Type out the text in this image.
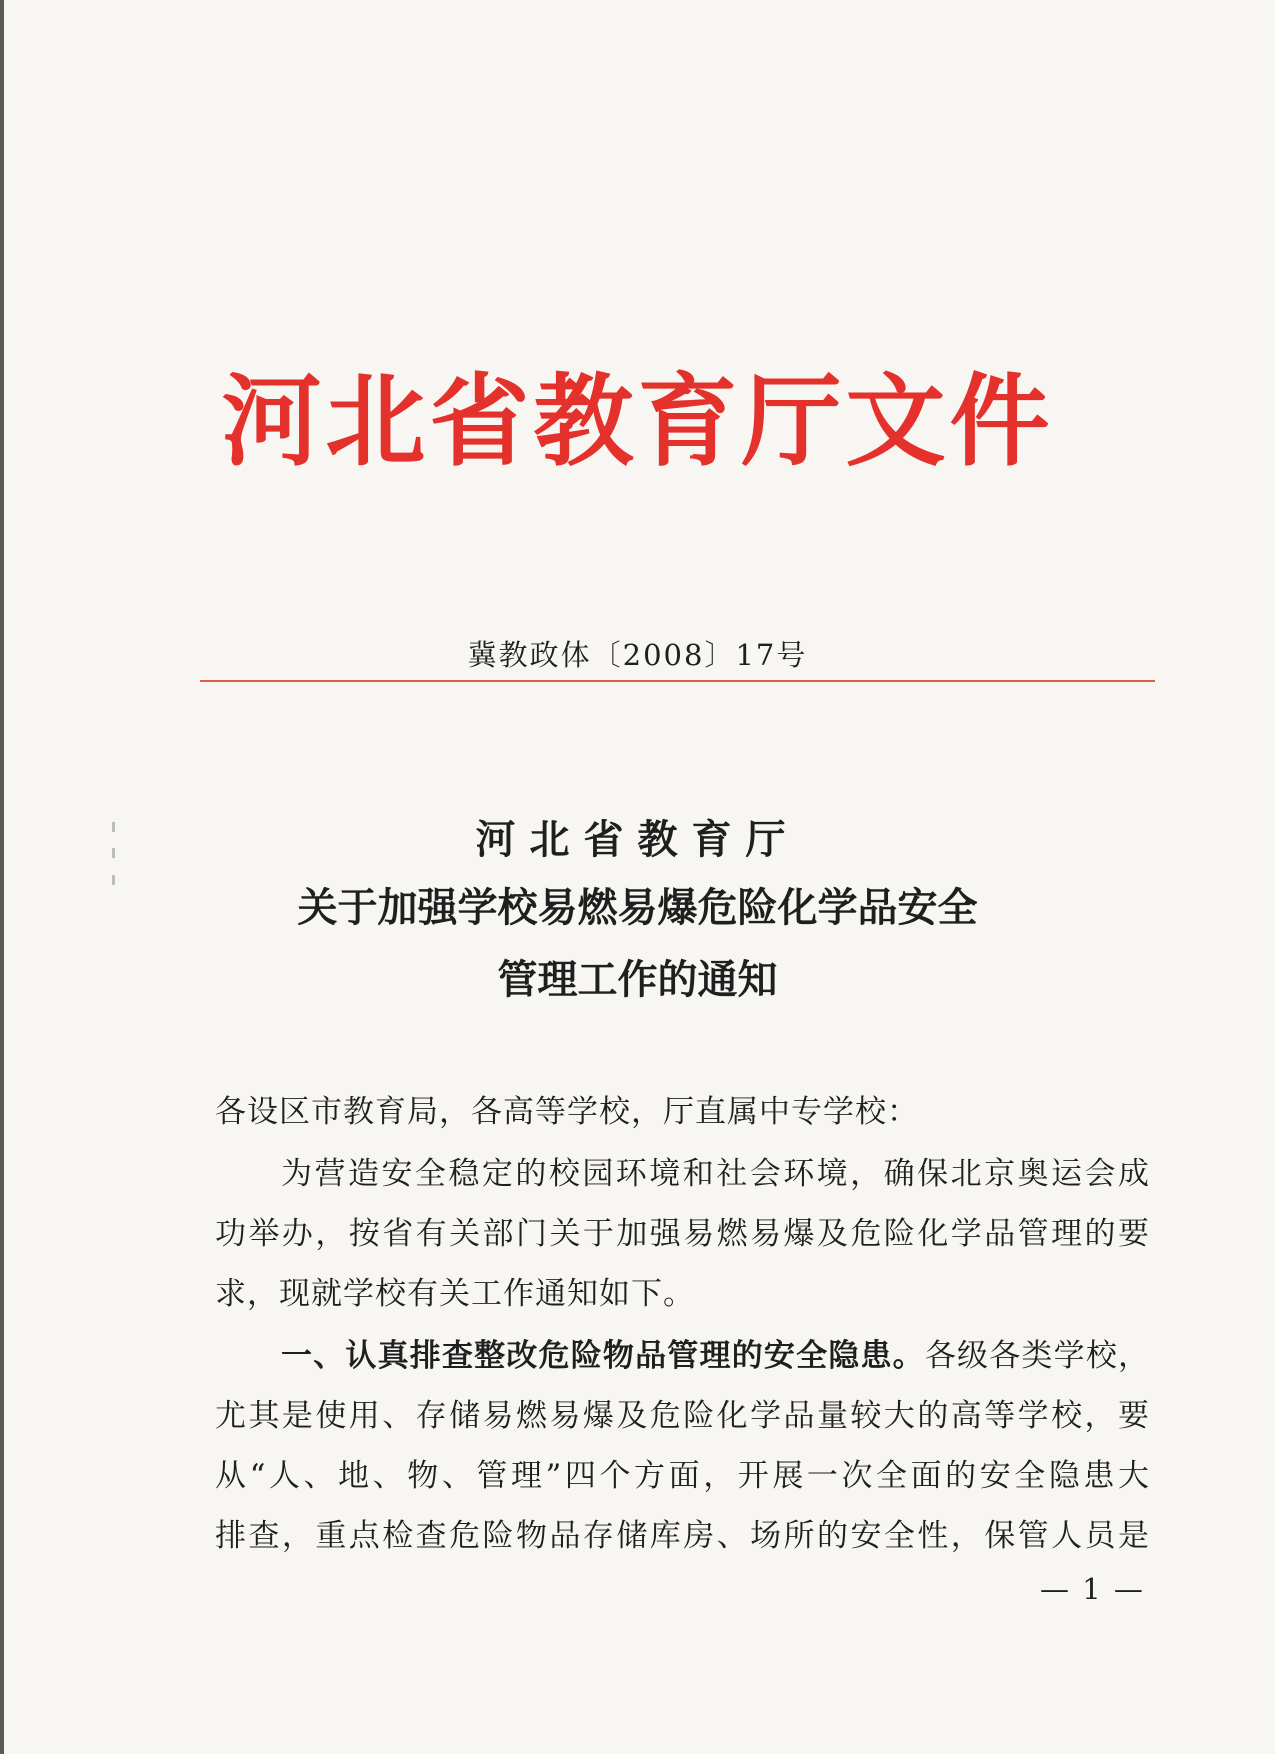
河北省教育厅文件
冀教政体〔2008〕17号
河北省教育厅
关于加强学校易燃易爆危险化学品安全
管理工作的通知
各设区市教育局，各高等学校，厅直属中专学校：
为营造安全稳定的校园环境和社会环境，确保北京奥运会成
功举办，按省有关部门关于加强易燃易爆及危险化学品管理的要
求，现就学校有关工作通知如下。
一、认真排查整改危险物品管理的安全隐患。各级各类学校，
尤其是使用、存储易燃易爆及危险化学品量较大的高等学校，要
从“人、地、物、管理”四个方面，开展一次全面的安全隐患大
排查，重点检查危险物品存储库房、场所的安全性，保管人员是
— 1 —
